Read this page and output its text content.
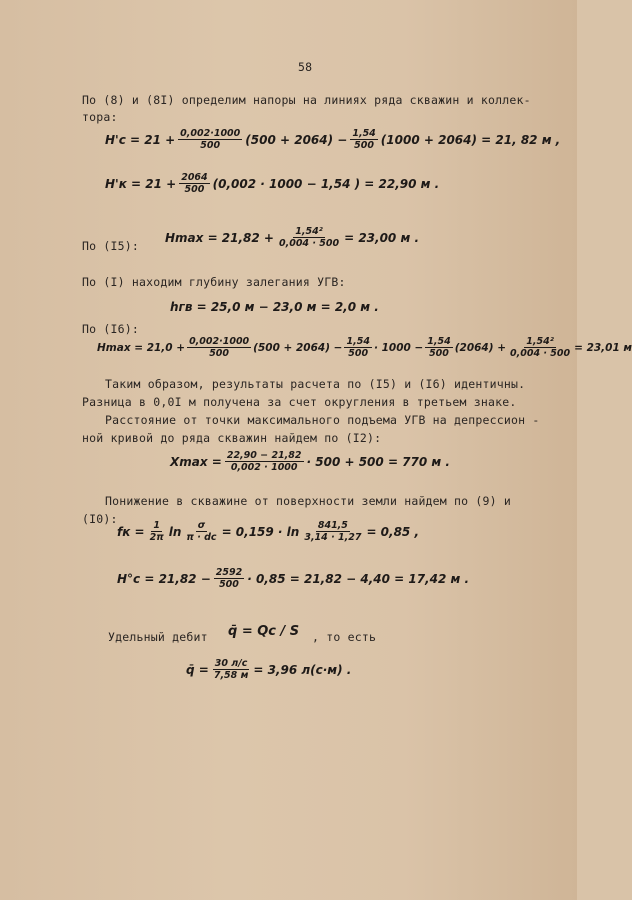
58
По (8) и (8I) определим напоры на линиях ряда скважин и коллек-
тора:
$H'c = 21 + \frac{0,002\cdot 1000}{500} (500 + 2064) - \frac{1,54}{500} (1000 + 2064) = 21$, 82 м ,
$H'к = 21 + \frac{2064}{500} (0,002 \cdot 1000 - 1,54$ ) = 22,90 м .
По (I5):
$Hmax = 21,82 + \frac{\text{1,54²}}{0,004 \cdot 500} = 23,00$ м .
По (I) находим глубину залегания УГВ:
hгв = 25,0 м − 23,0 м = 2,0 м .
По (I6):
$Hmax = 21,0 + \frac{0,002\cdot 1000}{500} (500 + 2064) - \frac{1,54}{500} \cdot 1000 - \frac{1,54}{500} (2064) + \frac{\text{1,54²}}{0,004 \cdot 500} = 23,01$ м
Таким образом, результаты расчета по (I5) и (I6) идентичны.
Разница в 0,0I м получена за счет округления в третьем знаке.
Расстояние от точки максимального подъема УГВ на депрессион -
ной кривой до ряда скважин найдем по (I2):
$Xmax = \frac{22,90 - 21,82}{0,002 \cdot 1000} \cdot 500 + 500 = 770$ м .
Понижение в скважине от поверхности земли найдем по (9) и
(I0):
fк = $\frac{1}{2\pi}$ $\ln \frac{\sigma}{\pi \cdot dc} = 0,159 \cdot \ln \frac{841,5}{3,14 \cdot 1,27} = 0,85$ ,
$H^\circ c = 21,82 - \frac{2592}{500} \cdot 0,85 = 21,82 - 4,40 = 17,42$ м .
Удельный дебит q̄ = Qc / S , то есть
q̄ = $\frac{30 л/с}{7,58 м} = 3,96$ л(с·м) .
